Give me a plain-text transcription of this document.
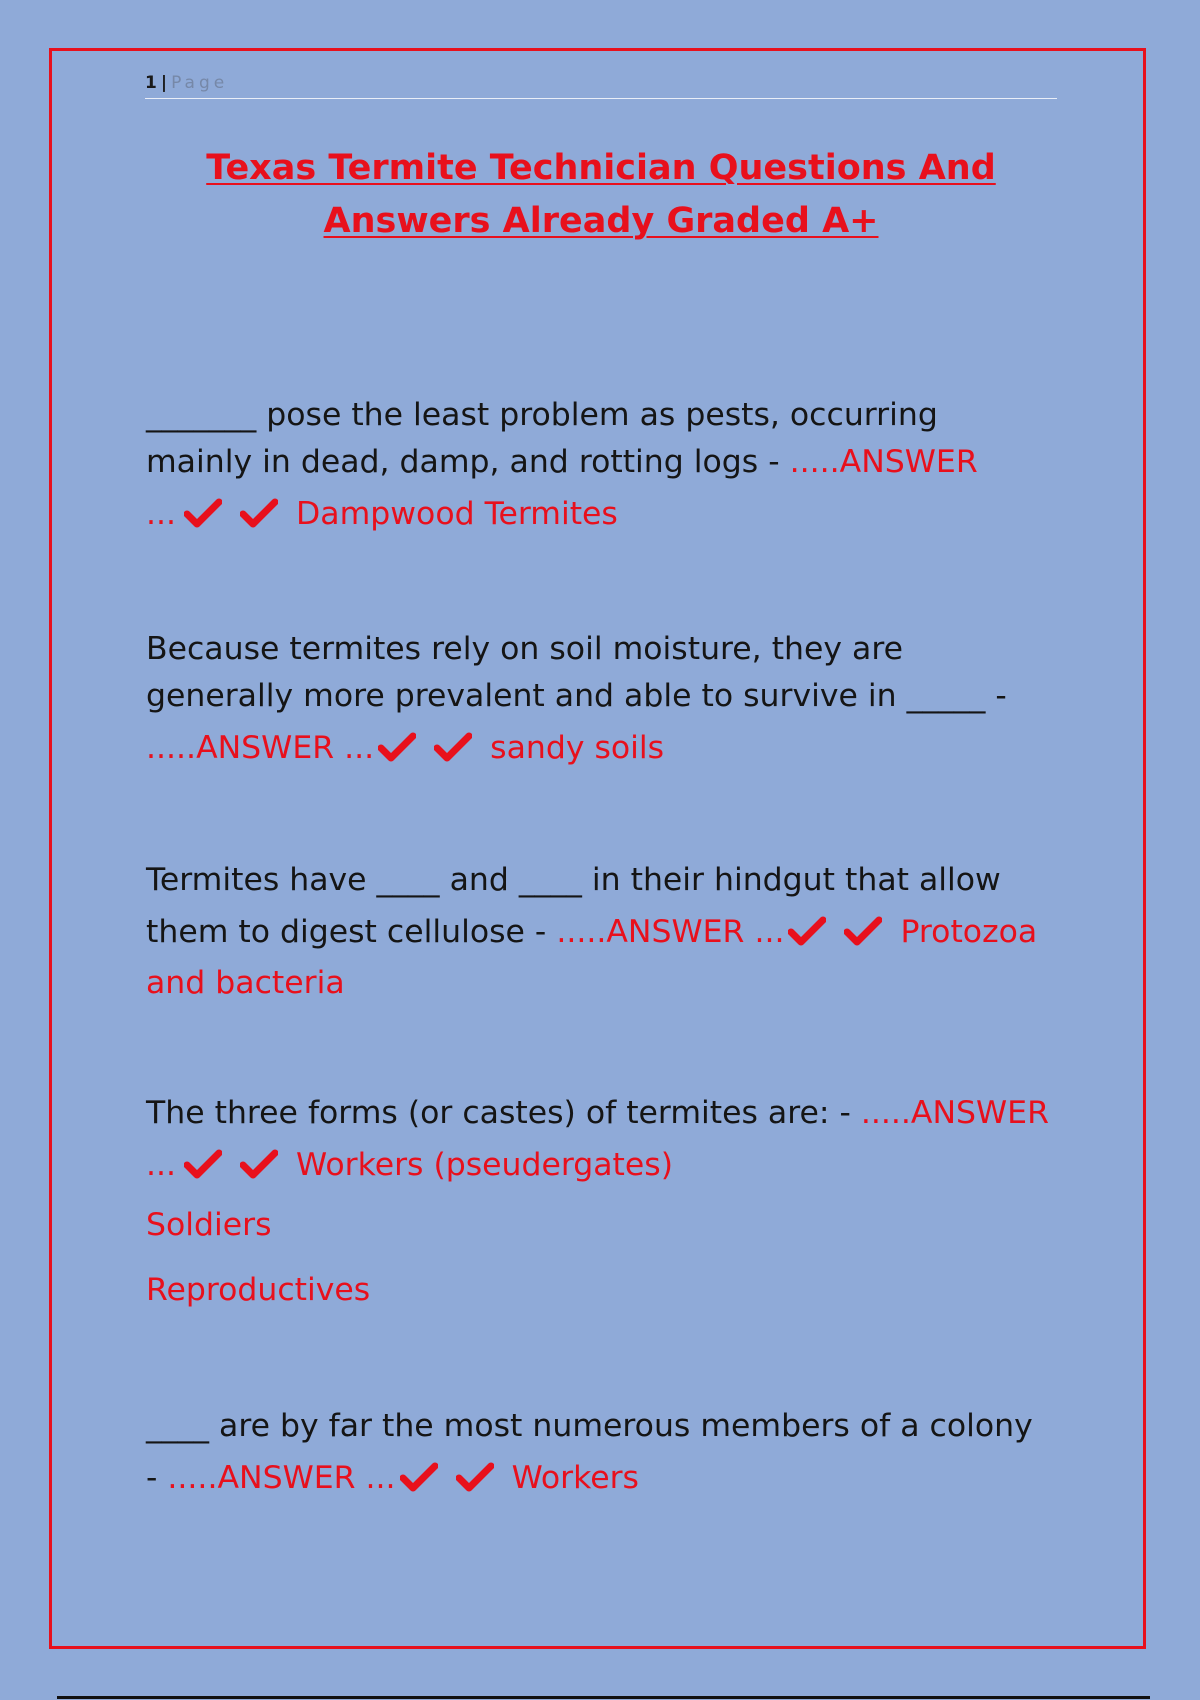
1 | Page
Texas Termite Technician Questions And
Answers Already Graded A+

_______ pose the least problem as pests, occurring

mainly in dead, damp, and rotting logs - .....ANSWER

...	Dampwood Termites

Because termites rely on soil moisture, they are

generally more prevalent and able to survive in _____ -

.....ANSWER ...	sandy soils

Termites have ____ and ____ in their hindgut that allow

them to digest cellulose - .....ANSWER ...	Protozoa

and bacteria

The three forms (or castes) of termites are: - .....ANSWER

...	Workers (pseudergates)

Soldiers

Reproductives

____ are by far the most numerous members of a colony

- .....ANSWER ...	Workers
